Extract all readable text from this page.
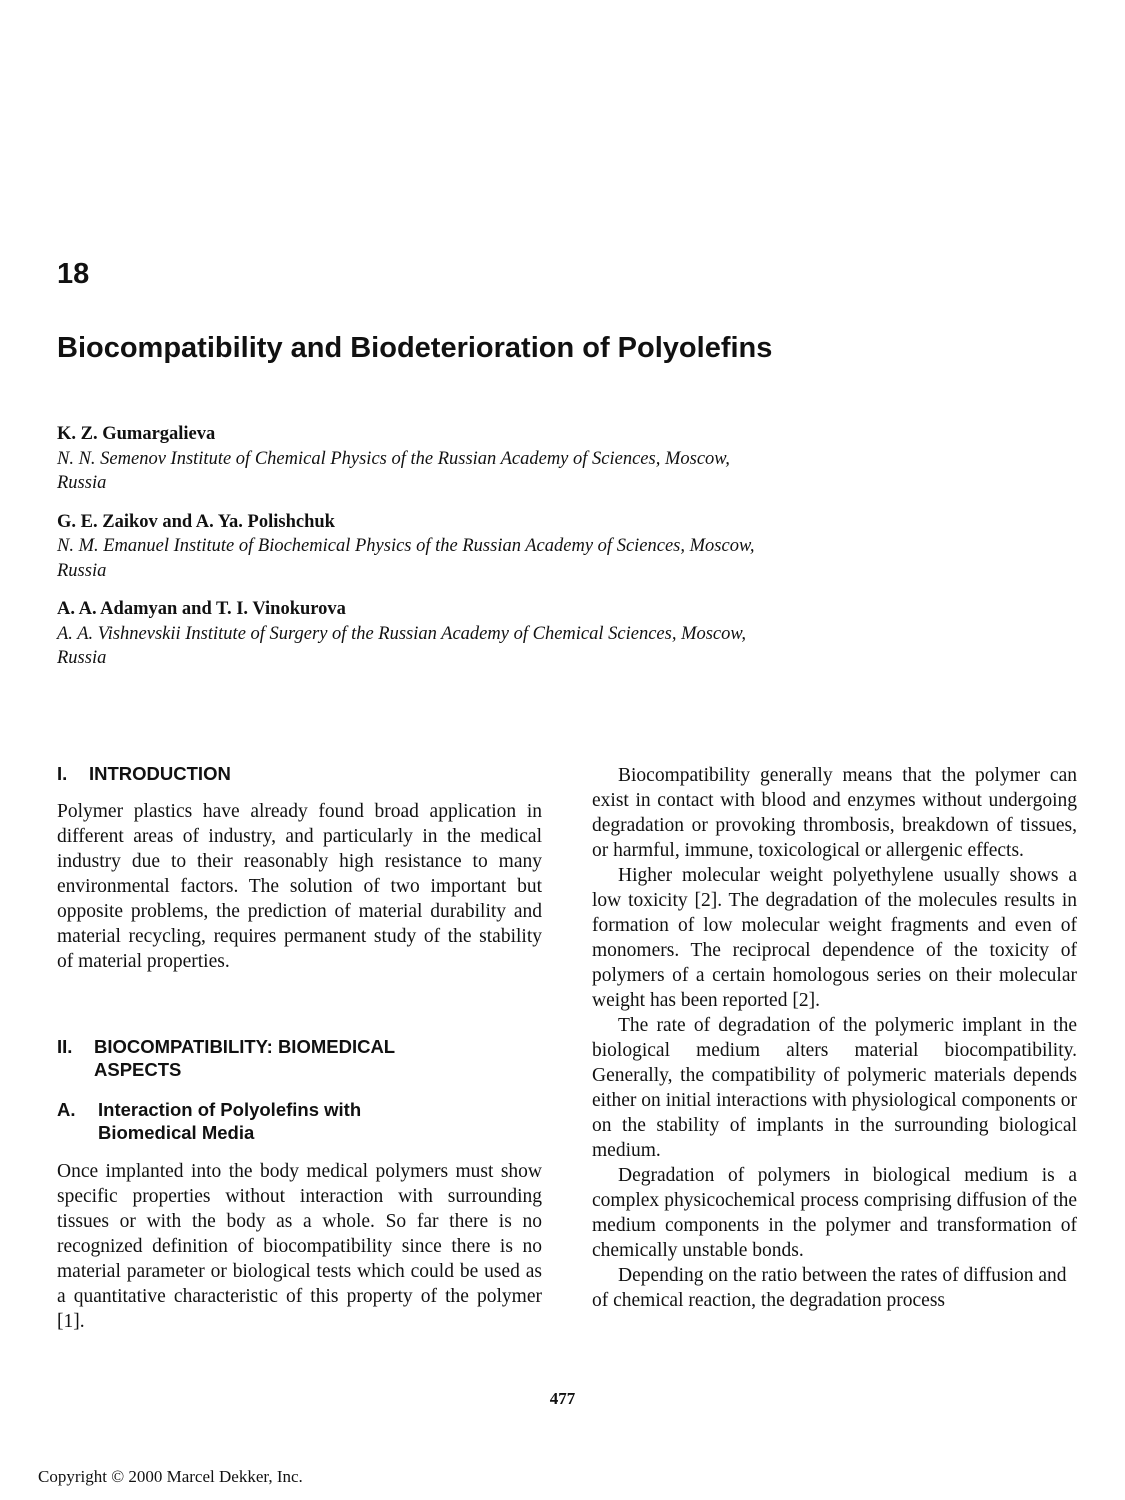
18
Biocompatibility and Biodeterioration of Polyolefins
K. Z. Gumargalieva
N. N. Semenov Institute of Chemical Physics of the Russian Academy of Sciences, Moscow,
Russia
G. E. Zaikov and A. Ya. Polishchuk
N. M. Emanuel Institute of Biochemical Physics of the Russian Academy of Sciences, Moscow,
Russia
A. A. Adamyan and T. I. Vinokurova
A. A. Vishnevskii Institute of Surgery of the Russian Academy of Chemical Sciences, Moscow,
Russia
I.	INTRODUCTION

Polymer plastics have already found broad application in different areas of industry, and particularly in the medical industry due to their reasonably high resistance to many environmental factors. The solution of two important but opposite problems, the prediction of material durability and material recycling, requires permanent study of the stability of material properties.

II.	BIOCOMPATIBILITY: BIOMEDICAL
ASPECTS
A.	Interaction of Polyolefins with
Biomedical Media

Once implanted into the body medical polymers must show specific properties without interaction with surrounding tissues or with the body as a whole. So far there is no recognized definition of biocompatibility since there is no material parameter or biological tests which could be used as a quantitative characteristic of this property of the polymer [1].

Biocompatibility generally means that the polymer can exist in contact with blood and enzymes without undergoing degradation or provoking thrombosis, breakdown of tissues, or harmful, immune, toxicological or allergenic effects.

Higher molecular weight polyethylene usually shows a low toxicity [2]. The degradation of the molecules results in formation of low molecular weight fragments and even of monomers. The reciprocal dependence of the toxicity of polymers of a certain homologous series on their molecular weight has been reported [2].

The rate of degradation of the polymeric implant in the biological medium alters material biocompatibility. Generally, the compatibility of polymeric materials depends either on initial interactions with physiological components or on the stability of implants in the surrounding biological medium.

Degradation of polymers in biological medium is a complex physicochemical process comprising diffusion of the medium components in the polymer and transformation of chemically unstable bonds.

Depending on the ratio between the rates of diffusion and of chemical reaction, the degradation process

477
Copyright © 2000 Marcel Dekker, Inc.
